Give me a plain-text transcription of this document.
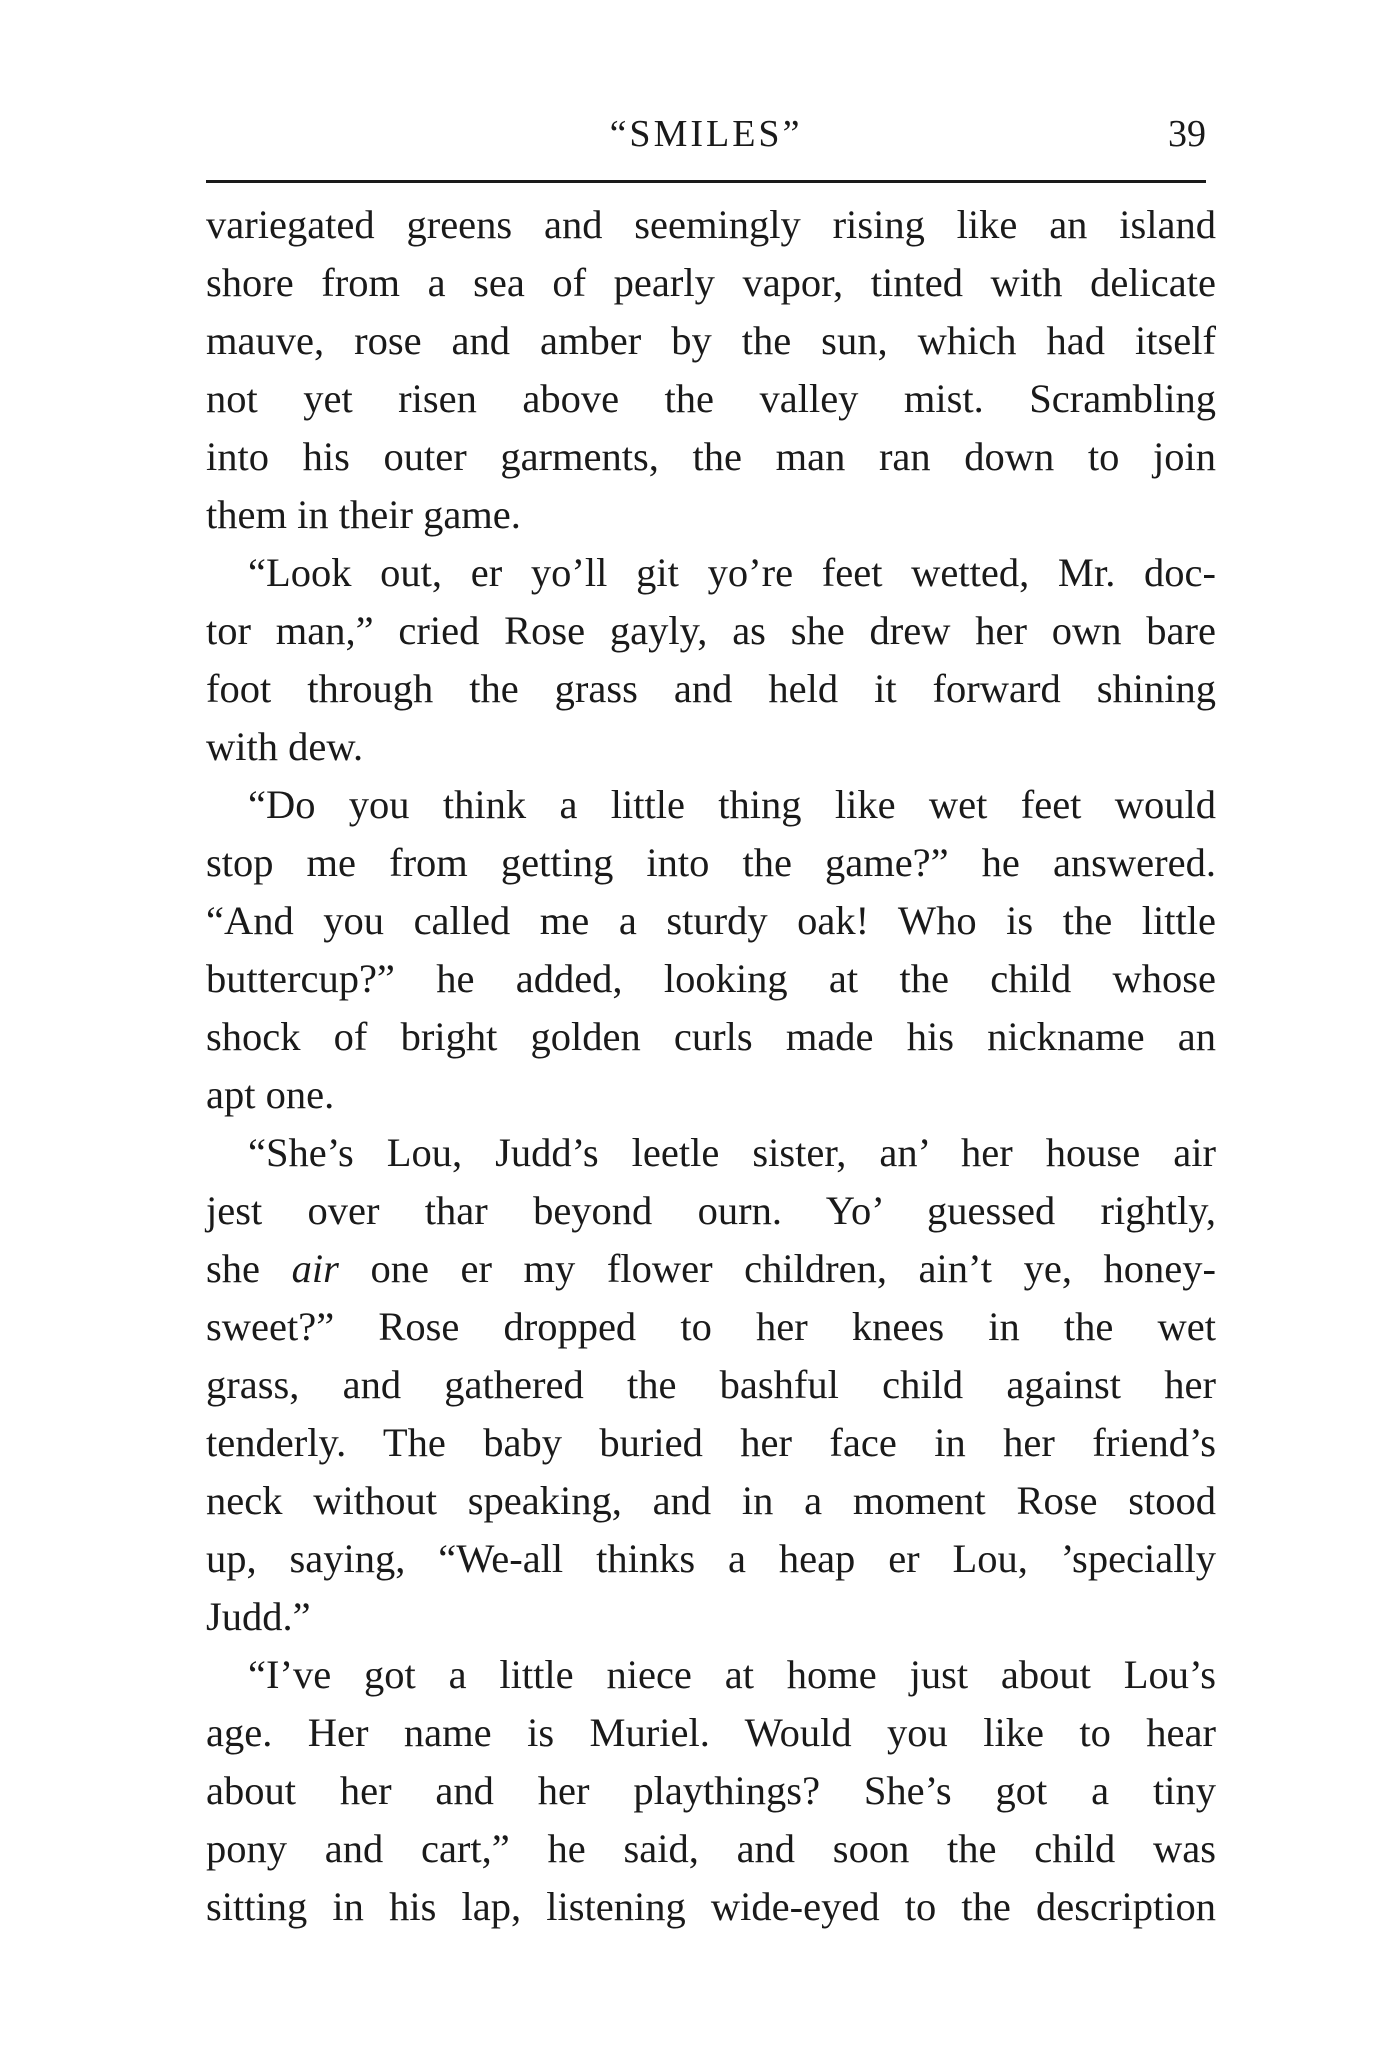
“SMILES”	39

variegated greens and seemingly rising like an island
shore from a sea of pearly vapor, tinted with delicate
mauve, rose and amber by the sun, which had itself
not yet risen above the valley mist. Scrambling
into his outer garments, the man ran down to join
them in their game.

“Look out, er yo’ll git yo’re feet wetted, Mr. doc-
tor man,” cried Rose gayly, as she drew her own bare
foot through the grass and held it forward shining
with dew.

“Do you think a little thing like wet feet would
stop me from getting into the game?” he answered.
“And you called me a sturdy oak! Who is the little
buttercup?” he added, looking at the child whose
shock of bright golden curls made his nickname an
apt one.

“She’s Lou, Judd’s leetle sister, an’ her house air
jest over thar beyond ourn. Yo’ guessed rightly,
she air one er my flower children, ain’t ye, honey-
sweet?” Rose dropped to her knees in the wet
grass, and gathered the bashful child against her
tenderly. The baby buried her face in her friend’s
neck without speaking, and in a moment Rose stood
up, saying, “We-all thinks a heap er Lou, ’specially
Judd.”

“I’ve got a little niece at home just about Lou’s
age. Her name is Muriel. Would you like to hear
about her and her playthings? She’s got a tiny
pony and cart,” he said, and soon the child was
sitting in his lap, listening wide-eyed to the description
